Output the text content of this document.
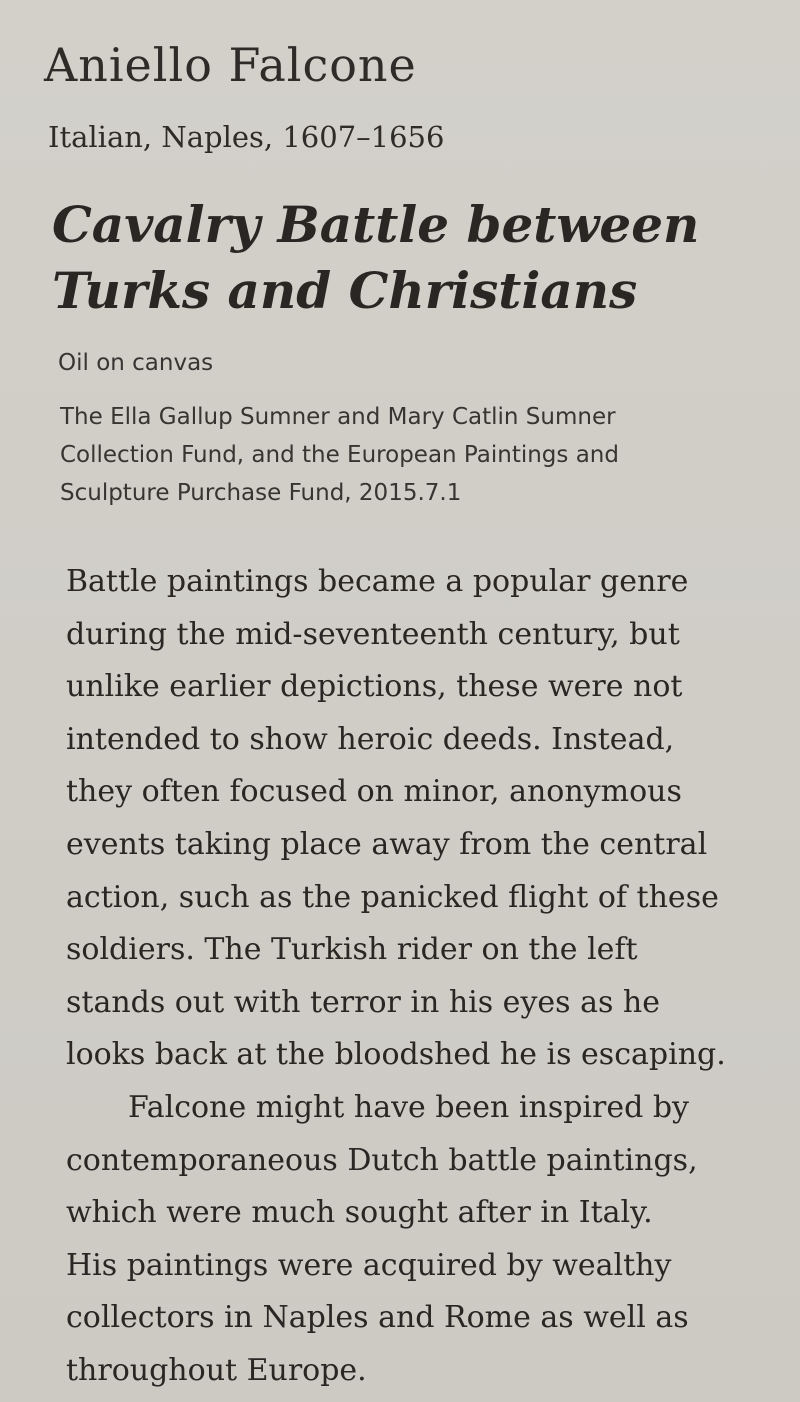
Aniello Falcone
Italian, Naples, 1607–1656
Cavalry Battle between
Turks and Christians
Oil on canvas
The Ella Gallup Sumner and Mary Catlin Sumner
Collection Fund, and the European Paintings and
Sculpture Purchase Fund, 2015.7.1
Battle paintings became a popular genre
during the mid-seventeenth century, but
unlike earlier depictions, these were not
intended to show heroic deeds. Instead,
they often focused on minor, anonymous
events taking place away from the central
action, such as the panicked flight of these
soldiers. The Turkish rider on the left
stands out with terror in his eyes as he
looks back at the bloodshed he is escaping.
Falcone might have been inspired by
contemporaneous Dutch battle paintings,
which were much sought after in Italy.
His paintings were acquired by wealthy
collectors in Naples and Rome as well as
throughout Europe.
